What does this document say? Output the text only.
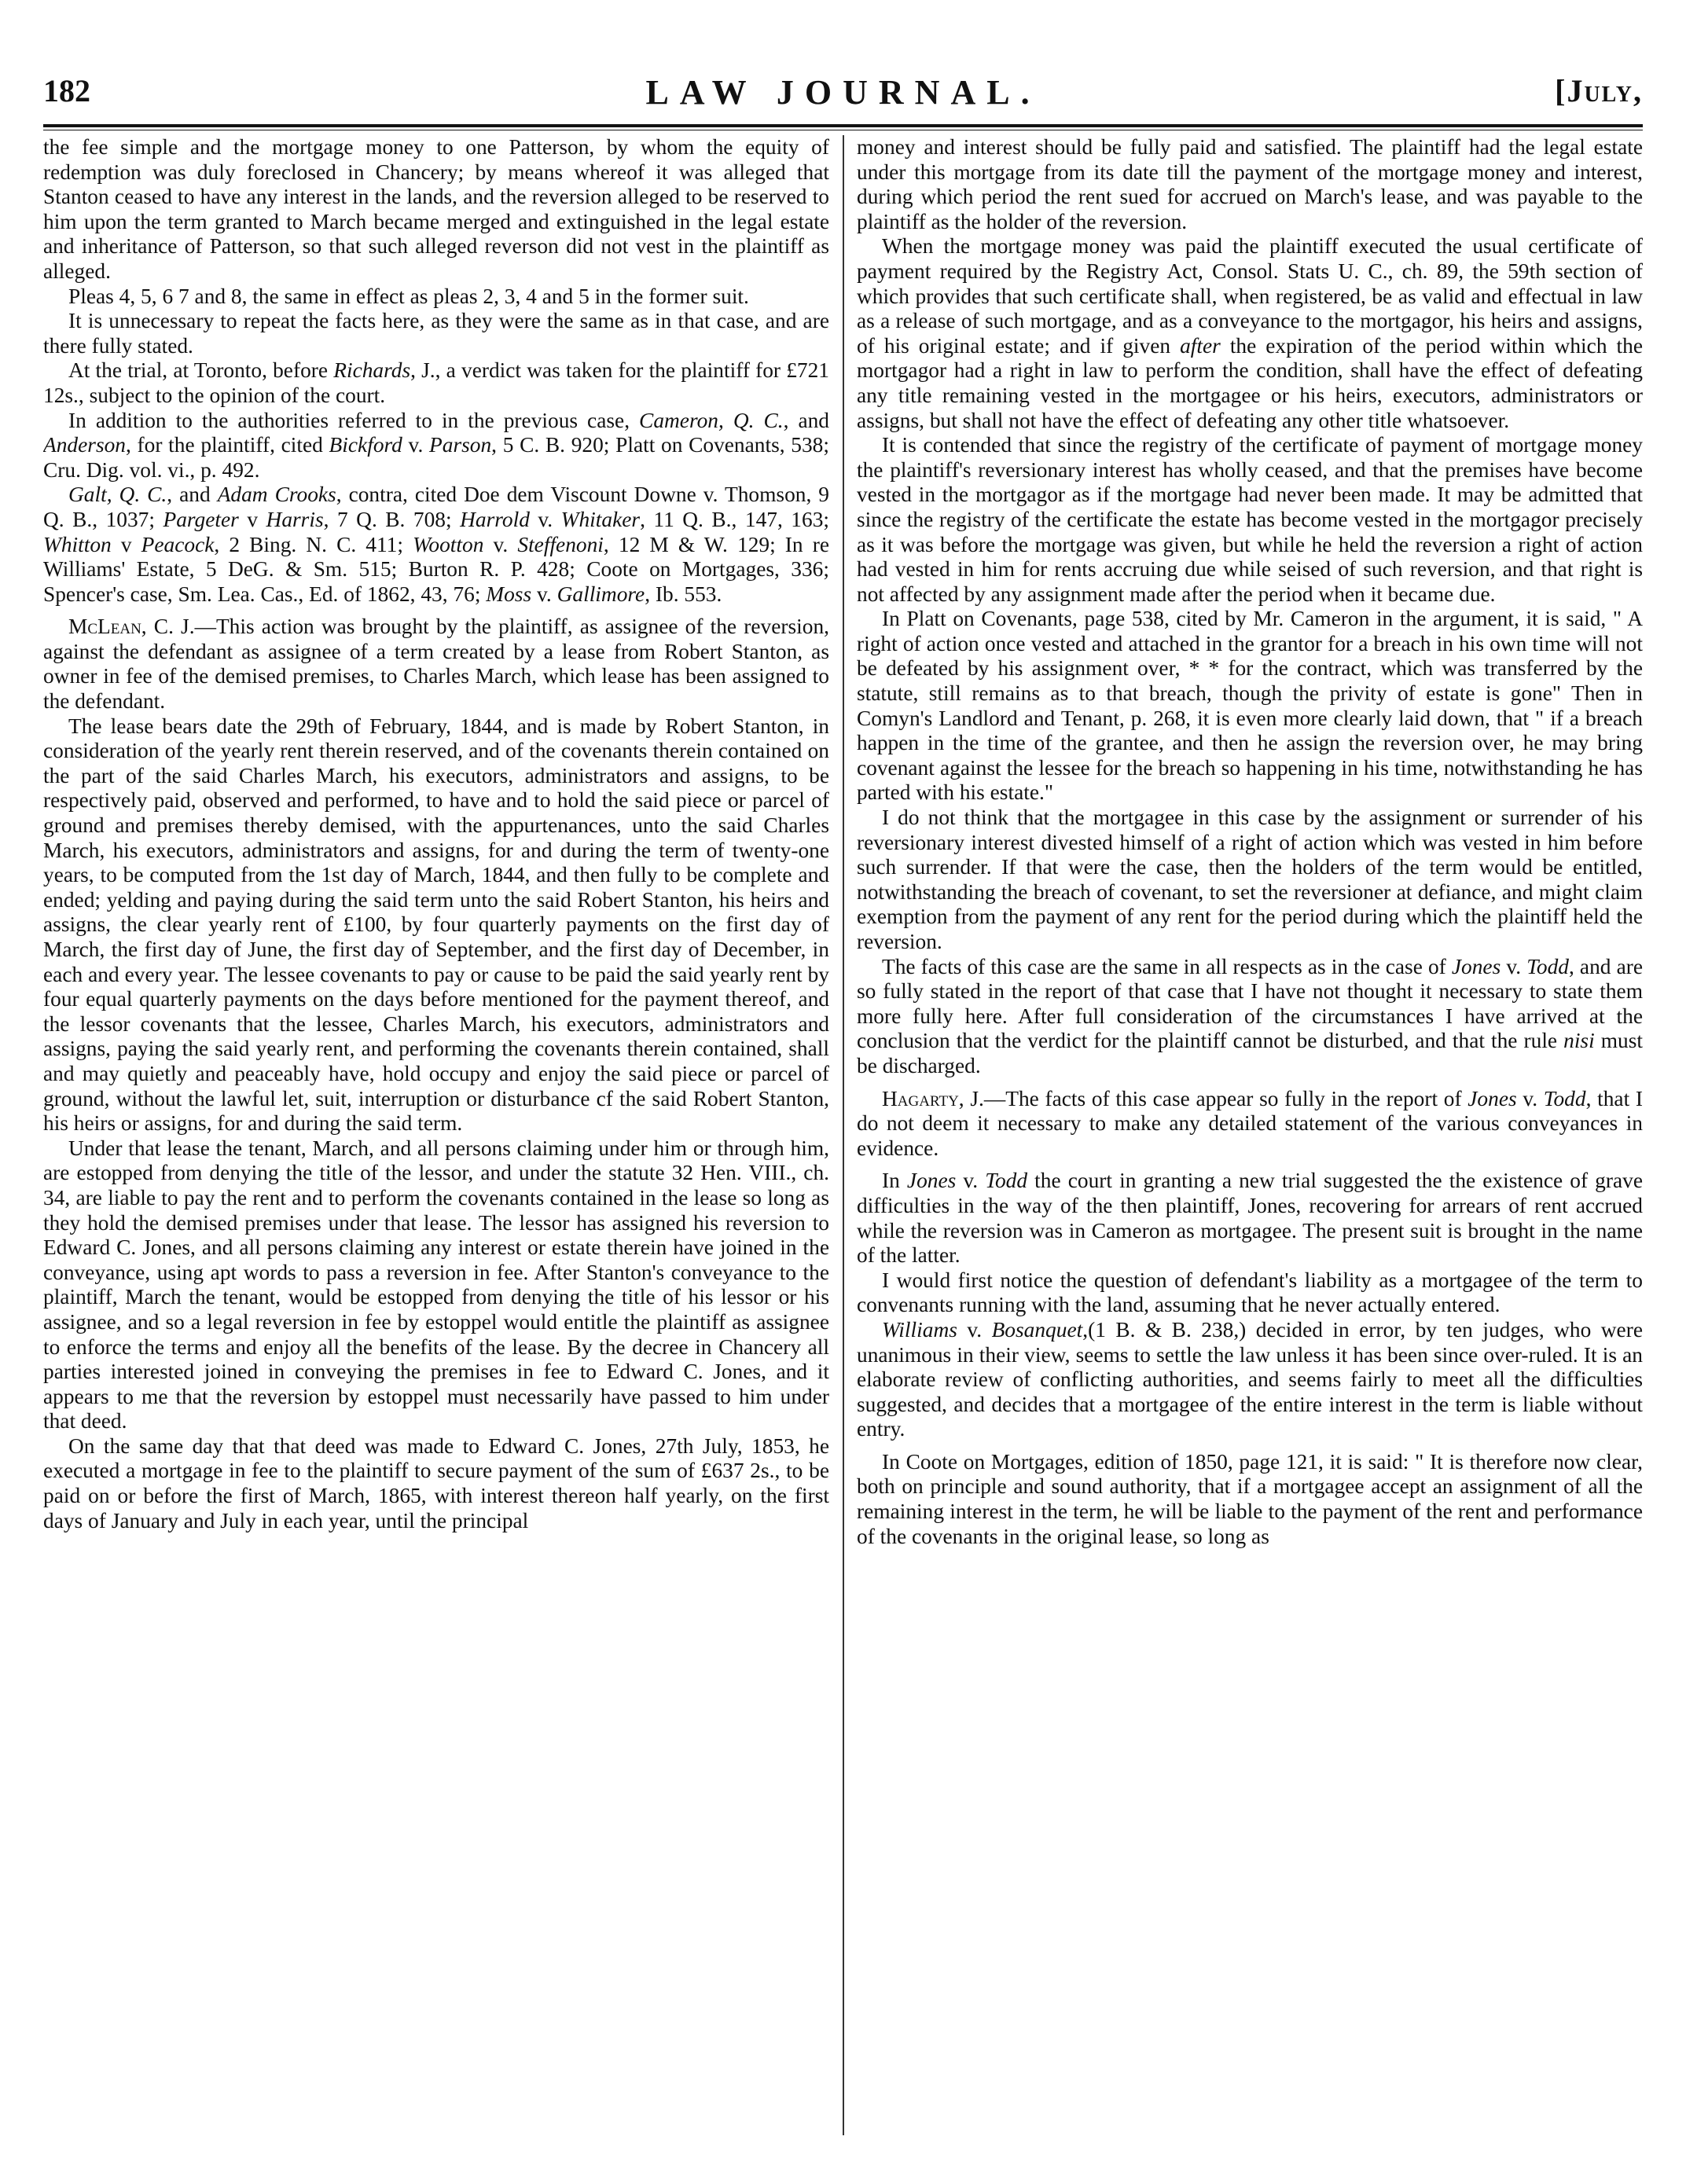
182	LAW JOURNAL.	[July,

the fee simple and the mortgage money to one Patterson, by whom the equity of redemption was duly foreclosed in Chancery; by means whereof it was alleged that Stanton ceased to have any interest in the lands, and the reversion alleged to be reserved to him upon the term granted to March became merged and extinguished in the legal estate and inheritance of Patterson, so that such alleged reverson did not vest in the plaintiff as alleged.

Pleas 4, 5, 6 7 and 8, the same in effect as pleas 2, 3, 4 and 5 in the former suit.

It is unnecessary to repeat the facts here, as they were the same as in that case, and are there fully stated.

At the trial, at Toronto, before Richards, J., a verdict was taken for the plaintiff for £721 12s., subject to the opinion of the court.

In addition to the authorities referred to in the previous case, Cameron, Q. C., and Anderson, for the plaintiff, cited Bickford v. Parson, 5 C. B. 920; Platt on Covenants, 538; Cru. Dig. vol. vi., p. 492.

Galt, Q. C., and Adam Crooks, contra, cited Doe dem Viscount Downe v. Thomson, 9 Q. B., 1037; Pargeter v Harris, 7 Q. B. 708; Harrold v. Whitaker, 11 Q. B., 147, 163; Whitton v Peacock, 2 Bing. N. C. 411; Wootton v. Steffenoni, 12 M & W. 129; In re Williams' Estate, 5 DeG. & Sm. 515; Burton R. P. 428; Coote on Mortgages, 336; Spencer's case, Sm. Lea. Cas., Ed. of 1862, 43, 76; Moss v. Gallimore, Ib. 553.

McLean, C. J.—This action was brought by the plaintiff, as assignee of the reversion, against the defendant as assignee of a term created by a lease from Robert Stanton, as owner in fee of the demised premises, to Charles March, which lease has been assigned to the defendant.

The lease bears date the 29th of February, 1844, and is made by Robert Stanton, in consideration of the yearly rent therein reserved, and of the covenants therein contained on the part of the said Charles March, his executors, administrators and assigns, to be respectively paid, observed and performed, to have and to hold the said piece or parcel of ground and premises thereby demised, with the appurtenances, unto the said Charles March, his executors, administrators and assigns, for and during the term of twenty-one years, to be computed from the 1st day of March, 1844, and then fully to be complete and ended; yelding and paying during the said term unto the said Robert Stanton, his heirs and assigns, the clear yearly rent of £100, by four quarterly payments on the first day of March, the first day of June, the first day of September, and the first day of December, in each and every year. The lessee covenants to pay or cause to be paid the said yearly rent by four equal quarterly payments on the days before mentioned for the payment thereof, and the lessor covenants that the lessee, Charles March, his executors, administrators and assigns, paying the said yearly rent, and performing the covenants therein contained, shall and may quietly and peaceably have, hold occupy and enjoy the said piece or parcel of ground, without the lawful let, suit, interruption or disturbance cf the said Robert Stanton, his heirs or assigns, for and during the said term.

Under that lease the tenant, March, and all persons claiming under him or through him, are estopped from denying the title of the lessor, and under the statute 32 Hen. VIII., ch. 34, are liable to pay the rent and to perform the covenants contained in the lease so long as they hold the demised premises under that lease. The lessor has assigned his reversion to Edward C. Jones, and all persons claiming any interest or estate therein have joined in the conveyance, using apt words to pass a reversion in fee. After Stanton's conveyance to the plaintiff, March the tenant, would be estopped from denying the title of his lessor or his assignee, and so a legal reversion in fee by estoppel would entitle the plaintiff as assignee to enforce the terms and enjoy all the benefits of the lease. By the decree in Chancery all parties interested joined in conveying the premises in fee to Edward C. Jones, and it appears to me that the reversion by estoppel must necessarily have passed to him under that deed.

On the same day that that deed was made to Edward C. Jones, 27th July, 1853, he executed a mortgage in fee to the plaintiff to secure payment of the sum of £637 2s., to be paid on or before the first of March, 1865, with interest thereon half yearly, on the first days of January and July in each year, until the principal

money and interest should be fully paid and satisfied. The plaintiff had the legal estate under this mortgage from its date till the payment of the mortgage money and interest, during which period the rent sued for accrued on March's lease, and was payable to the plaintiff as the holder of the reversion.

When the mortgage money was paid the plaintiff executed the usual certificate of payment required by the Registry Act, Consol. Stats U. C., ch. 89, the 59th section of which provides that such certificate shall, when registered, be as valid and effectual in law as a release of such mortgage, and as a conveyance to the mortgagor, his heirs and assigns, of his original estate; and if given after the expiration of the period within which the mortgagor had a right in law to perform the condition, shall have the effect of defeating any title remaining vested in the mortgagee or his heirs, executors, administrators or assigns, but shall not have the effect of defeating any other title whatsoever.

It is contended that since the registry of the certificate of payment of mortgage money the plaintiff's reversionary interest has wholly ceased, and that the premises have become vested in the mortgagor as if the mortgage had never been made. It may be admitted that since the registry of the certificate the estate has become vested in the mortgagor precisely as it was before the mortgage was given, but while he held the reversion a right of action had vested in him for rents accruing due while seised of such reversion, and that right is not affected by any assignment made after the period when it became due.

In Platt on Covenants, page 538, cited by Mr. Cameron in the argument, it is said, " A right of action once vested and attached in the grantor for a breach in his own time will not be defeated by his assignment over, * * for the contract, which was transferred by the statute, still remains as to that breach, though the privity of estate is gone" Then in Comyn's Landlord and Tenant, p. 268, it is even more clearly laid down, that " if a breach happen in the time of the grantee, and then he assign the reversion over, he may bring covenant against the lessee for the breach so happening in his time, notwithstanding he has parted with his estate."

I do not think that the mortgagee in this case by the assignment or surrender of his reversionary interest divested himself of a right of action which was vested in him before such surrender. If that were the case, then the holders of the term would be entitled, notwithstanding the breach of covenant, to set the reversioner at defiance, and might claim exemption from the payment of any rent for the period during which the plaintiff held the reversion.

The facts of this case are the same in all respects as in the case of Jones v. Todd, and are so fully stated in the report of that case that I have not thought it necessary to state them more fully here. After full consideration of the circumstances I have arrived at the conclusion that the verdict for the plaintiff cannot be disturbed, and that the rule nisi must be discharged.

Hagarty, J.—The facts of this case appear so fully in the report of Jones v. Todd, that I do not deem it necessary to make any detailed statement of the various conveyances in evidence.

In Jones v. Todd the court in granting a new trial suggested the the existence of grave difficulties in the way of the then plaintiff, Jones, recovering for arrears of rent accrued while the reversion was in Cameron as mortgagee. The present suit is brought in the name of the latter.

I would first notice the question of defendant's liability as a mortgagee of the term to convenants running with the land, assuming that he never actually entered.

Williams v. Bosanquet,(1 B. & B. 238,) decided in error, by ten judges, who were unanimous in their view, seems to settle the law unless it has been since over-ruled. It is an elaborate review of conflicting authorities, and seems fairly to meet all the difficulties suggested, and decides that a mortgagee of the entire interest in the term is liable without entry.

In Coote on Mortgages, edition of 1850, page 121, it is said: " It is therefore now clear, both on principle and sound authority, that if a mortgagee accept an assignment of all the remaining interest in the term, he will be liable to the payment of the rent and performance of the covenants in the original lease, so long as
